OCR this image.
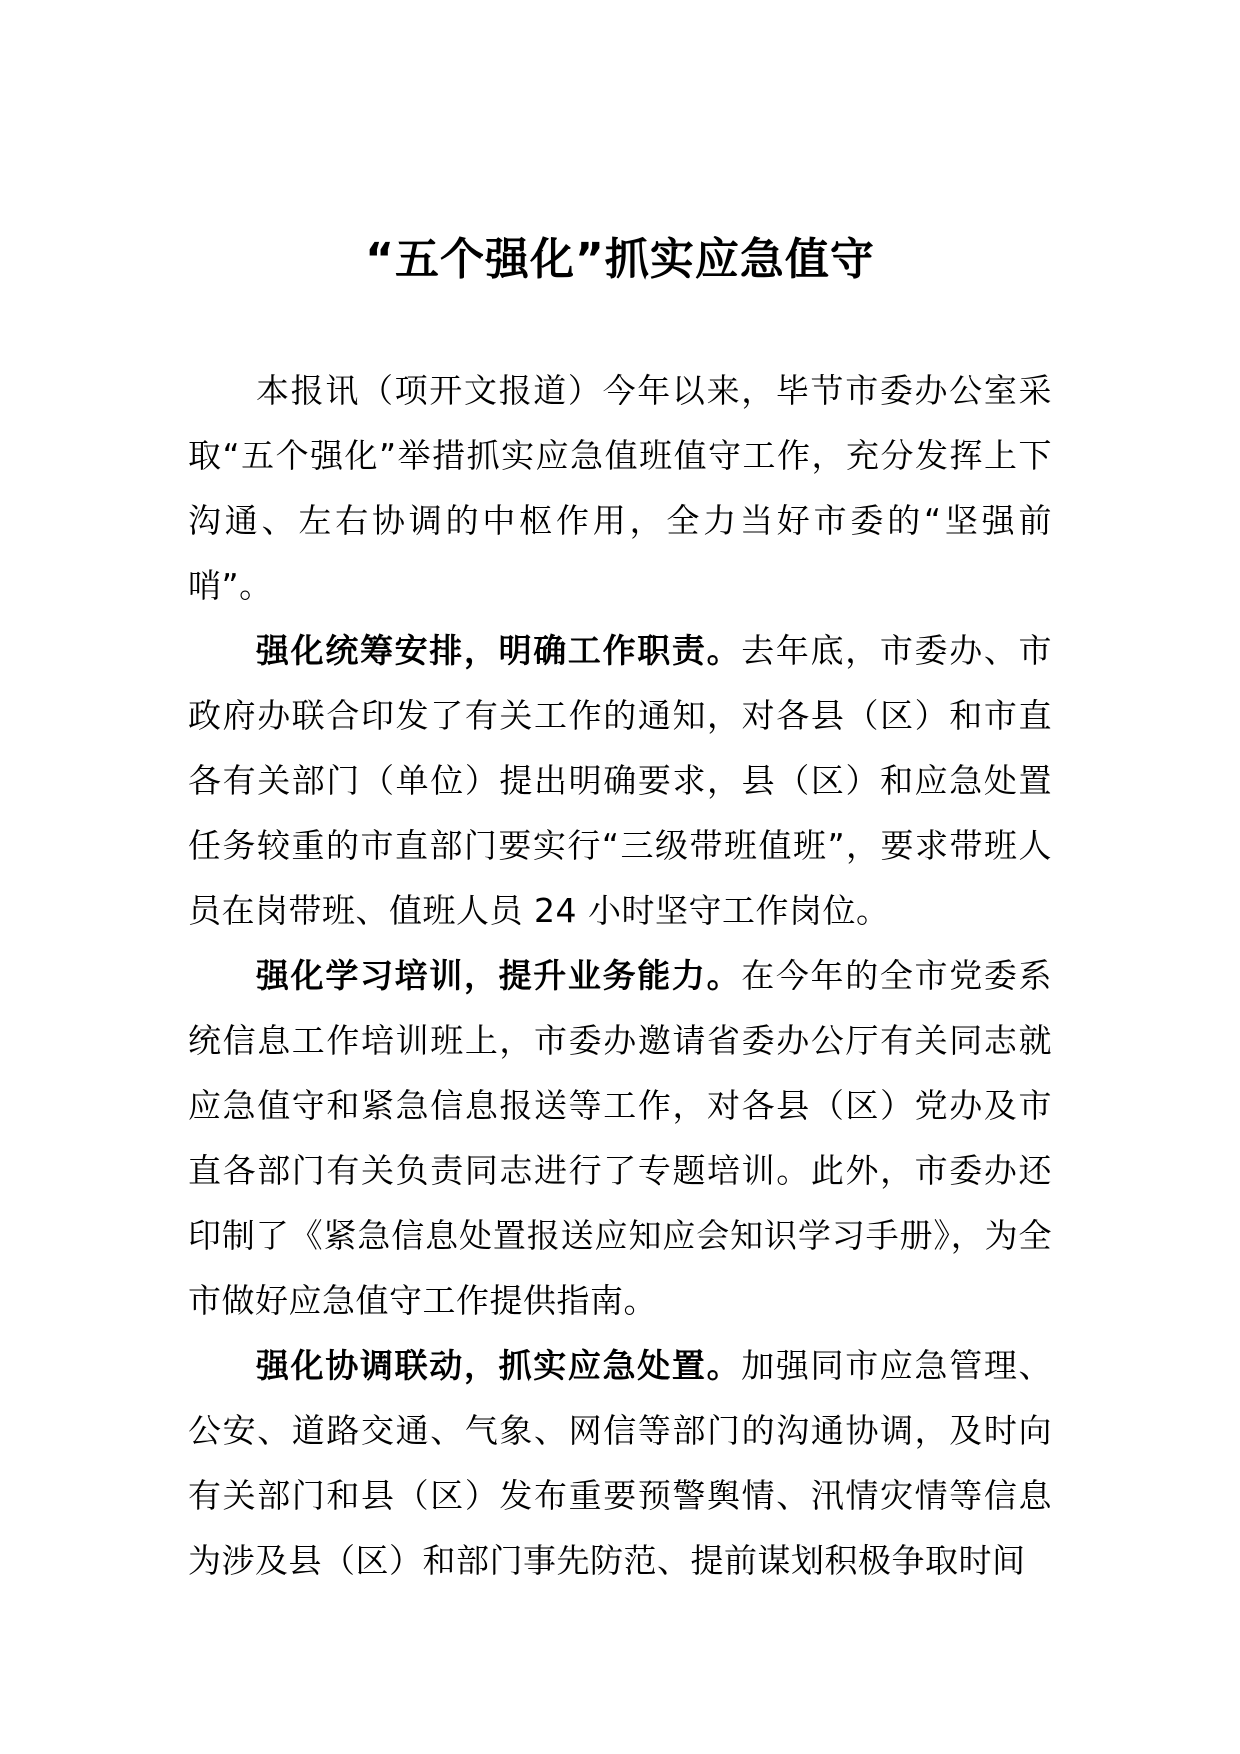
“五个强化”抓实应急值守

本报讯（项开文报道）今年以来，毕节市委办公室采取“五个强化”举措抓实应急值班值守工作，充分发挥上下沟通、左右协调的中枢作用，全力当好市委的“坚强前哨”。

强化统筹安排，明确工作职责。去年底，市委办、市政府办联合印发了有关工作的通知，对各县（区）和市直各有关部门（单位）提出明确要求，县（区）和应急处置任务较重的市直部门要实行“三级带班值班”，要求带班人员在岗带班、值班人员 24 小时坚守工作岗位。

强化学习培训，提升业务能力。在今年的全市党委系统信息工作培训班上，市委办邀请省委办公厅有关同志就应急值守和紧急信息报送等工作，对各县（区）党办及市直各部门有关负责同志进行了专题培训。此外，市委办还印制了《紧急信息处置报送应知应会知识学习手册》，为全市做好应急值守工作提供指南。

强化协调联动，抓实应急处置。加强同市应急管理、公安、道路交通、气象、网信等部门的沟通协调，及时向有关部门和县（区）发布重要预警舆情、汛情灾情等信息为涉及县（区）和部门事先防范、提前谋划积极争取时间
